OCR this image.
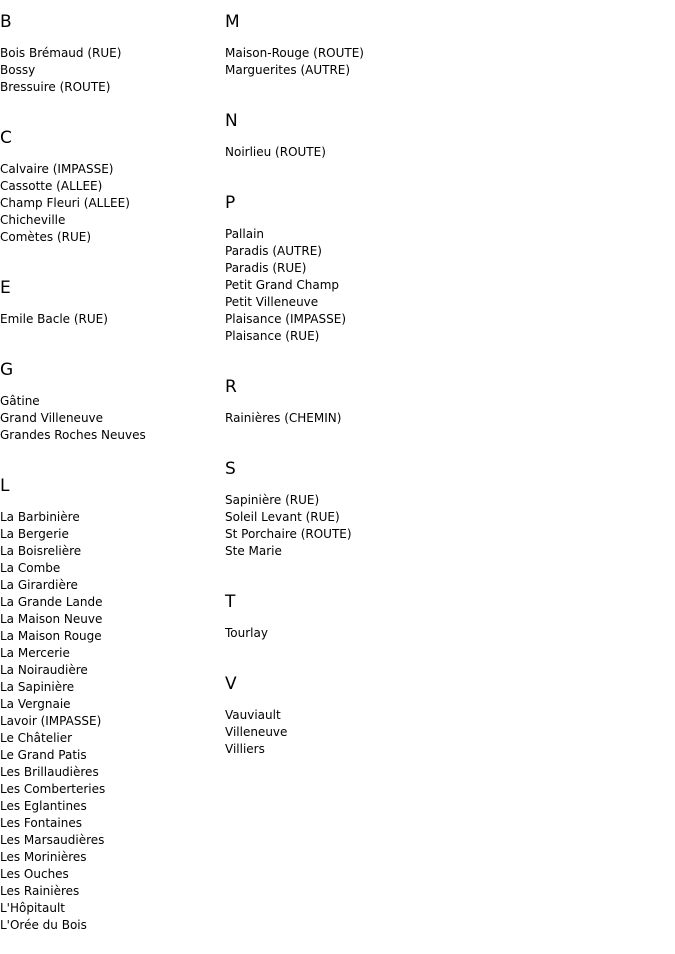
B
Bois Brémaud (RUE)
Bossy
Bressuire (ROUTE)
C
Calvaire (IMPASSE)
Cassotte (ALLEE)
Champ Fleuri (ALLEE)
Chicheville
Comètes (RUE)
E
Emile Bacle (RUE)
G
Gâtine
Grand Villeneuve
Grandes Roches Neuves
L
La Barbinière
La Bergerie
La Boisrelière
La Combe
La Girardière
La Grande Lande
La Maison Neuve
La Maison Rouge
La Mercerie
La Noiraudière
La Sapinière
La Vergnaie
Lavoir (IMPASSE)
Le Châtelier
Le Grand Patis
Les Brillaudières
Les Comberteries
Les Eglantines
Les Fontaines
Les Marsaudières
Les Morinières
Les Ouches
Les Rainières
L'Hôpitault
L'Orée du Bois
M
Maison-Rouge (ROUTE)
Marguerites (AUTRE)
N
Noirlieu (ROUTE)
P
Pallain
Paradis (AUTRE)
Paradis (RUE)
Petit Grand Champ
Petit Villeneuve
Plaisance (IMPASSE)
Plaisance (RUE)
R
Rainières (CHEMIN)
S
Sapinière (RUE)
Soleil Levant (RUE)
St Porchaire (ROUTE)
Ste Marie
T
Tourlay
V
Vauviault
Villeneuve
Villiers
